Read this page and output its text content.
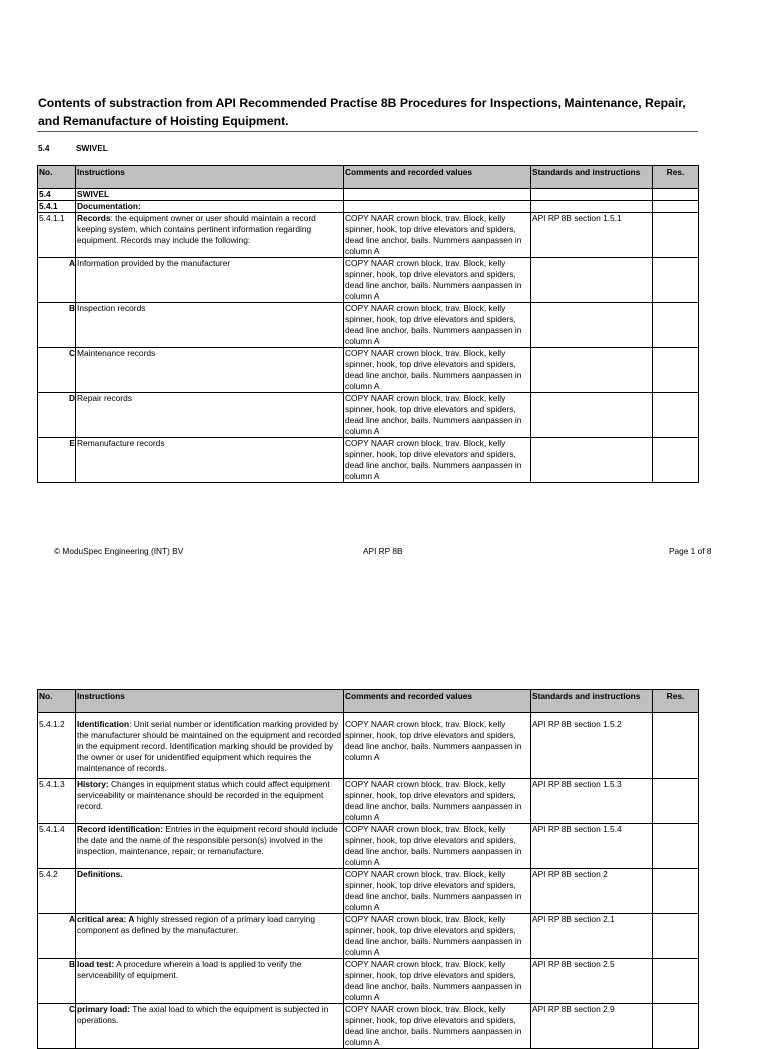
Contents of substraction from API Recommended Practise 8B Procedures for Inspections, Maintenance, Repair, and Remanufacture of Hoisting Equipment.
5.4	SWIVEL
No.	Instructions	Comments and recorded values	Standards and instructions	Res.
5.4	SWIVEL			
5.4.1	Documentation:			
5.4.1.1	Records: the equipment owner or user should maintain a record keeping system, which contains pertinent information regarding equipment. Records may include the following:	COPY NAAR crown block, trav. Block, kelly spinner, hook, top drive elevators and spiders, dead line anchor, bails. Nummers aanpassen in column A	API RP 8B section 1.5.1	
A	Information provided by the manufacturer	COPY NAAR crown block, trav. Block, kelly spinner, hook, top drive elevators and spiders, dead line anchor, bails. Nummers aanpassen in column A		
B	Inspection records	COPY NAAR crown block, trav. Block, kelly spinner, hook, top drive elevators and spiders, dead line anchor, bails. Nummers aanpassen in column A		
C	Maintenance records	COPY NAAR crown block, trav. Block, kelly spinner, hook, top drive elevators and spiders, dead line anchor, bails. Nummers aanpassen in column A		
D	Repair records	COPY NAAR crown block, trav. Block, kelly spinner, hook, top drive elevators and spiders, dead line anchor, bails. Nummers aanpassen in column A		
E	Remanufacture records	COPY NAAR crown block, trav. Block, kelly spinner, hook, top drive elevators and spiders, dead line anchor, bails. Nummers aanpassen in column A		
© ModuSpec Engineering (INT) BV	API RP 8B	Page 1 of 8
No.	Instructions	Comments and recorded values	Standards and instructions	Res.
5.4.1.2	Identification: Unit serial number or identification marking provided by the manufacturer should be maintained on the equipment and recorded in the equipment record. Identification marking should be provided by the owner or user for unidentified equipment which requires the maintenance of records.	COPY NAAR crown block, trav. Block, kelly spinner, hook, top drive elevators and spiders, dead line anchor, bails. Nummers aanpassen in column A	API RP 8B section 1.5.2	
5.4.1.3	History: Changes in equipment status which could affect equipment serviceability or maintenance should be recorded in the equipment record.	COPY NAAR crown block, trav. Block, kelly spinner, hook, top drive elevators and spiders, dead line anchor, bails. Nummers aanpassen in column A	API RP 8B section 1.5.3	
5.4.1.4	Record identification: Entries in the equipment record should include the date and the name of the responsible person(s) involved in the inspection, maintenance, repair, or remanufacture.	COPY NAAR crown block, trav. Block, kelly spinner, hook, top drive elevators and spiders, dead line anchor, bails. Nummers aanpassen in column A	API RP 8B section 1.5.4	
5.4.2	Definitions.	COPY NAAR crown block, trav. Block, kelly spinner, hook, top drive elevators and spiders, dead line anchor, bails. Nummers aanpassen in column A	API RP 8B section 2	
A	critical area: A highly stressed region of a primary load carrying component as defined by the manufacturer.	COPY NAAR crown block, trav. Block, kelly spinner, hook, top drive elevators and spiders, dead line anchor, bails. Nummers aanpassen in column A	API RP 8B section 2.1	
B	load test: A procedure wherein a load is applied to verify the serviceability of equipment.	COPY NAAR crown block, trav. Block, kelly spinner, hook, top drive elevators and spiders, dead line anchor, bails. Nummers aanpassen in column A	API RP 8B section 2.5	
C	primary load: The axial load to which the equipment is subjected in operations.	COPY NAAR crown block, trav. Block, kelly spinner, hook, top drive elevators and spiders, dead line anchor, bails. Nummers aanpassen in column A	API RP 8B section 2.9	
